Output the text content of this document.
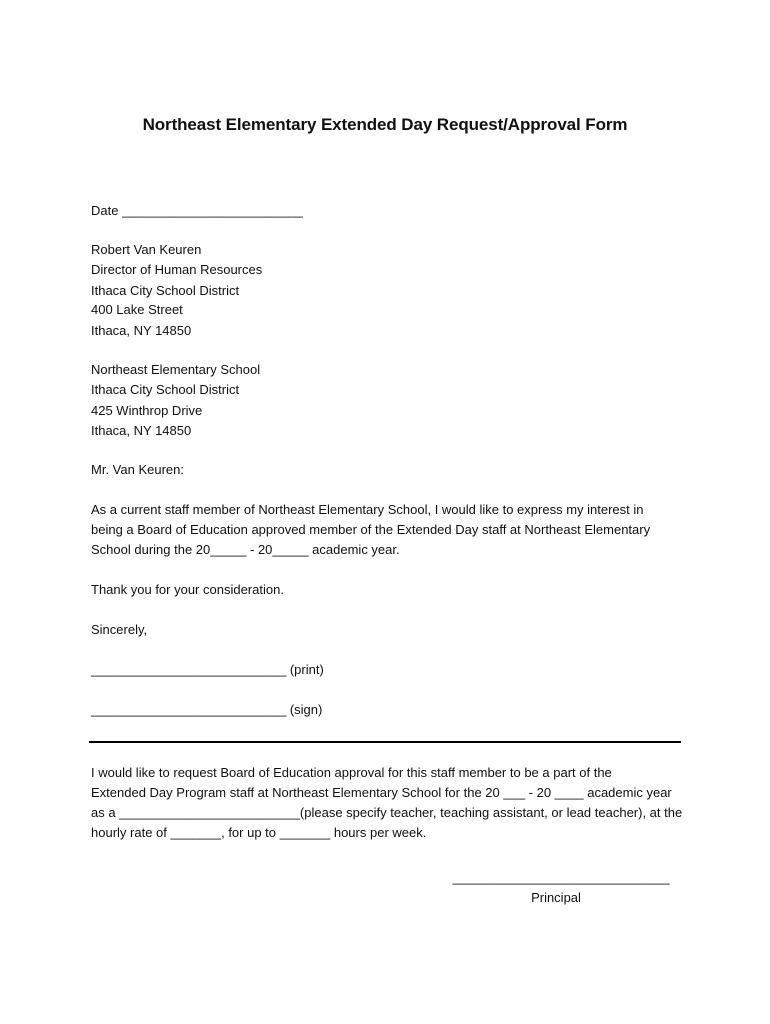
Northeast Elementary Extended Day Request/Approval Form
Date _________________________
Robert Van Keuren
Director of Human Resources
Ithaca City School District
400 Lake Street
Ithaca, NY 14850
Northeast Elementary School
Ithaca City School District
425 Winthrop Drive
Ithaca, NY 14850
Mr. Van Keuren:

As a current staff member of Northeast Elementary School, I would like to express my interest in

being a Board of Education approved member of the Extended Day staff at Northeast Elementary

School during the 20_____ - 20_____ academic year.

Thank you for your consideration.
Sincerely,
___________________________ (print)
___________________________ (sign)

I would like to request Board of Education approval for this staff member to be a part of the

Extended Day Program staff at Northeast Elementary School for the 20 ___ - 20 ____ academic year

as a _________________________(please specify teacher, teaching assistant, or lead teacher), at the

hourly rate of _______, for up to _______ hours per week.

______________________________
Principal
